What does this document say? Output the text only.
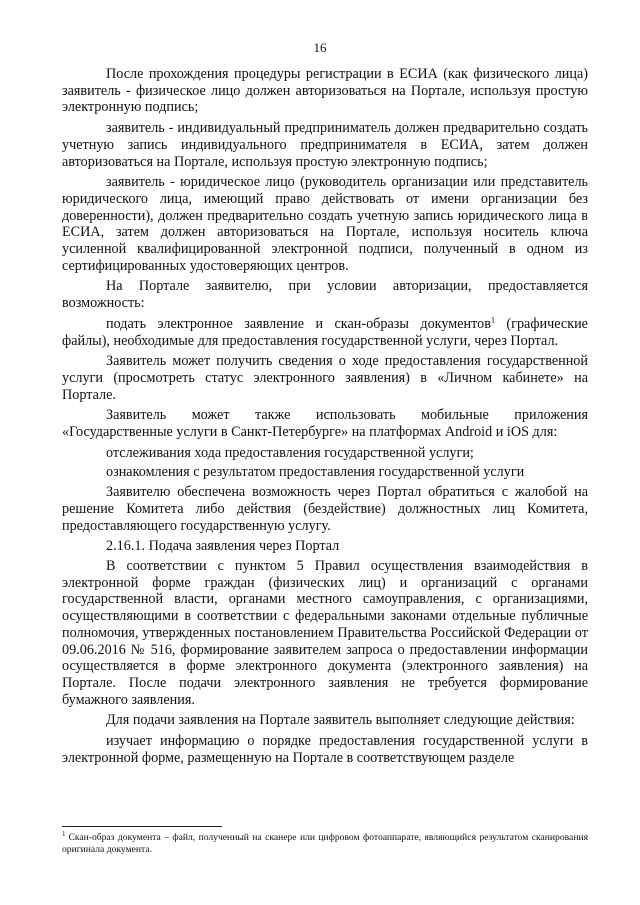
16

После прохождения процедуры регистрации в ЕСИА (как физического лица) заявитель - физическое лицо должен авторизоваться на Портале, используя простую электронную подпись;

заявитель - индивидуальный предприниматель должен предварительно создать учетную запись индивидуального предпринимателя в ЕСИА, затем должен авторизоваться на Портале, используя простую электронную подпись;

заявитель - юридическое лицо (руководитель организации или представитель юридического лица, имеющий право действовать от имени организации без доверенности), должен предварительно создать учетную запись юридического лица в ЕСИА, затем должен авторизоваться на Портале, используя носитель ключа усиленной квалифицированной электронной подписи, полученный в одном из сертифицированных удостоверяющих центров.

На Портале заявителю, при условии авторизации, предоставляется возможность:

подать электронное заявление и скан-образы документов$^1$ (графические файлы), необходимые для предоставления государственной услуги, через Портал.

Заявитель может получить сведения о ходе предоставления государственной услуги (просмотреть статус электронного заявления) в «Личном кабинете» на Портале.

Заявитель может также использовать мобильные приложения «Государственные услуги в Санкт-Петербурге» на платформах Android и iOS для:

отслеживания хода предоставления государственной услуги;

ознакомления с результатом предоставления государственной услуги

Заявителю обеспечена возможность через Портал обратиться с жалобой на решение Комитета либо действия (бездействие) должностных лиц Комитета, предоставляющего государственную услугу.

2.16.1. Подача заявления через Портал

В соответствии с пунктом 5 Правил осуществления взаимодействия в электронной форме граждан (физических лиц) и организаций с органами государственной власти, органами местного самоуправления, с организациями, осуществляющими в соответствии с федеральными законами отдельные публичные полномочия, утвержденных постановлением Правительства Российской Федерации от 09.06.2016 № 516, формирование заявителем запроса о предоставлении информации осуществляется в форме электронного документа (электронного заявления) на Портале. После подачи электронного заявления не требуется формирование бумажного заявления.

Для подачи заявления на Портале заявитель выполняет следующие действия:

изучает информацию о порядке предоставления государственной услуги в электронной форме, размещенную на Портале в соответствующем разделе

$^1$ Скан-образ документа – файл, полученный на сканере или цифровом фотоаппарате, являющийся результатом сканирования оригинала документа.
